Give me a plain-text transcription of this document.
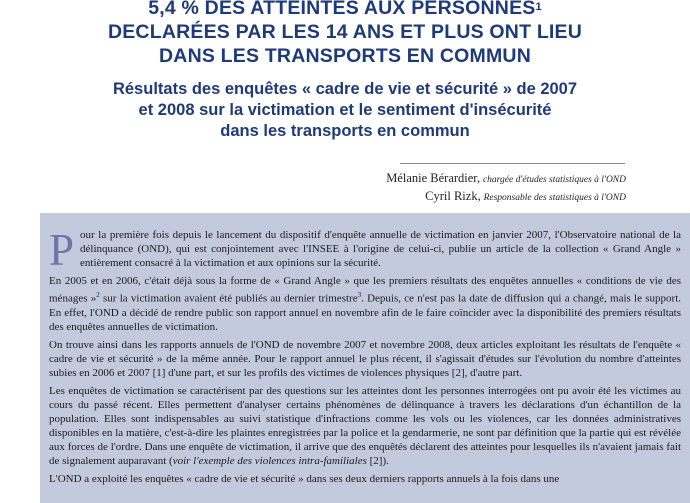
5,4 % DES ATTEINTES AUX PERSONNES$^1$
DECLARÉES PAR LES 14 ANS ET PLUS ONT LIEU
DANS LES TRANSPORTS EN COMMUN
Résultats des enquêtes « cadre de vie et sécurité » de 2007
et 2008 sur la victimation et le sentiment d'insécurité
dans les transports en commun
Mélanie Bérardier, chargée d'études statistiques à l'OND
Cyril Rizk, Responsable des statistiques à l'OND

Pour la première fois depuis le lancement du dispositif d'enquête annuelle de victimation en janvier 2007, l'Observatoire national de la délinquance (OND), qui est conjointement avec l'INSEE à l'origine de celui-ci, publie un article de la collection « Grand Angle » entièrement consacré à la victimation et aux opinions sur la sécurité.

En 2005 et en 2006, c'était déjà sous la forme de « Grand Angle » que les premiers résultats des enquêtes annuelles « conditions de vie des ménages »$^2$ sur la victimation avaient été publiés au dernier trimestre$^3$. Depuis, ce n'est pas la date de diffusion qui a changé, mais le support. En effet, l'OND a décidé de rendre public son rapport annuel en novembre afin de le faire coïncider avec la disponibilité des premiers résultats des enquêtes annuelles de victimation.

On trouve ainsi dans les rapports annuels de l'OND de novembre 2007 et novembre 2008, deux articles exploitant les résultats de l'enquête « cadre de vie et sécurité » de la même année. Pour le rapport annuel le plus récent, il s'agissait d'études sur l'évolution du nombre d'atteintes subies en 2006 et 2007 [1] d'une part, et sur les profils des victimes de violences physiques [2], d'autre part.

Les enquêtes de victimation se caractérisent par des questions sur les atteintes dont les personnes interrogées ont pu avoir été les victimes au cours du passé récent. Elles permettent d'analyser certains phénomènes de délinquance à travers les déclarations d'un échantillon de la population. Elles sont indispensables au suivi statistique d'infractions comme les vols ou les violences, car les données administratives disponibles en la matière, c'est-à-dire les plaintes enregistrées par la police et la gendarmerie, ne sont par définition que la partie qui est révélée aux forces de l'ordre. Dans une enquête de victimation, il arrive que des enquêtés déclarent des atteintes pour lesquelles ils n'avaient jamais fait de signalement auparavant (voir l'exemple des violences intra-familiales [2]).

L'OND a exploité les enquêtes « cadre de vie et sécurité » dans ses deux derniers rapports annuels à la fois dans une
